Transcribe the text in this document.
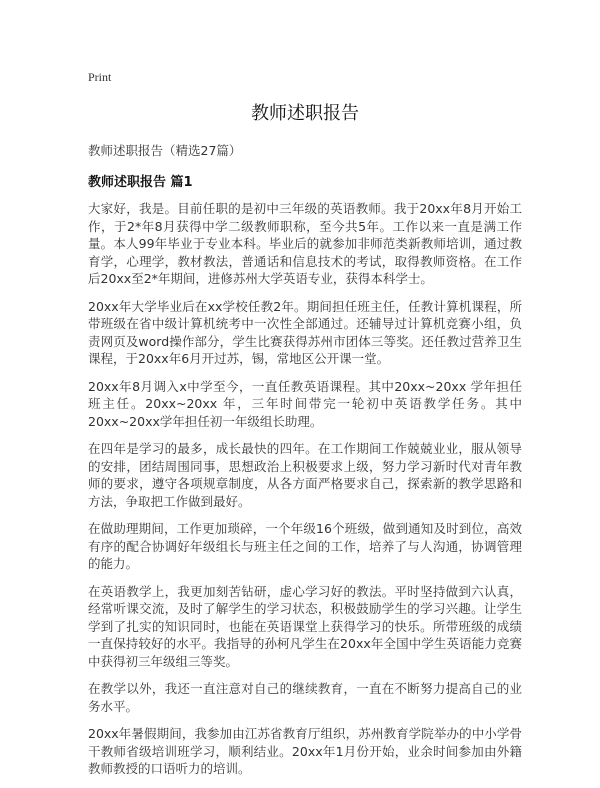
Print
教师述职报告
教师述职报告（精选27篇）
教师述职报告 篇1

大家好，我是。目前任职的是初中三年级的英语教师。我于20xx年8月开始工作，于2*年8月获得中学二级教师职称，至今共5年。工作以来一直是满工作量。本人99年毕业于专业本科。毕业后的就参加非师范类新教师培训，通过教育学，心理学，教材教法，普通话和信息技术的考试，取得教师资格。在工作后20xx至2*年期间，进修苏州大学英语专业，获得本科学士。

20xx年大学毕业后在xx学校任教2年。期间担任班主任，任教计算机课程，所带班级在省中级计算机统考中一次性全部通过。还辅导过计算机竞赛小组，负责网页及word操作部分，学生比赛获得苏州市团体三等奖。还任教过营养卫生课程，于20xx年6月开过苏，锡，常地区公开课一堂。

20xx年8月调入x中学至今，一直任教英语课程。其中20xx~20xx 学年担任班主任。20xx~20xx 年，三年时间带完一轮初中英语教学任务。其中20xx~20xx学年担任初一年级组长助理。

在四年是学习的最多，成长最快的四年。在工作期间工作兢兢业业，服从领导的安排，团结周围同事，思想政治上积极要求上级，努力学习新时代对青年教师的要求，遵守各项规章制度，从各方面严格要求自己，探索新的教学思路和方法，争取把工作做到最好。

在做助理期间，工作更加琐碎，一个年级16个班级，做到通知及时到位，高效有序的配合协调好年级组长与班主任之间的工作，培养了与人沟通，协调管理的能力。

在英语教学上，我更加刻苦钻研，虚心学习好的教法。平时坚持做到六认真，经常听课交流，及时了解学生的学习状态，积极鼓励学生的学习兴趣。让学生学到了扎实的知识同时，也能在英语课堂上获得学习的快乐。所带班级的成绩一直保持较好的水平。我指导的孙柯凡学生在20xx年全国中学生英语能力竞赛中获得初三年级组三等奖。

在教学以外，我还一直注意对自己的继续教育，一直在不断努力提高自己的业务水平。

20xx年暑假期间，我参加由江苏省教育厅组织，苏州教育学院举办的中小学骨干教师省级培训班学习，顺利结业。20xx年1月份开始，业余时间参加由外籍教师教授的口语听力的培训。
